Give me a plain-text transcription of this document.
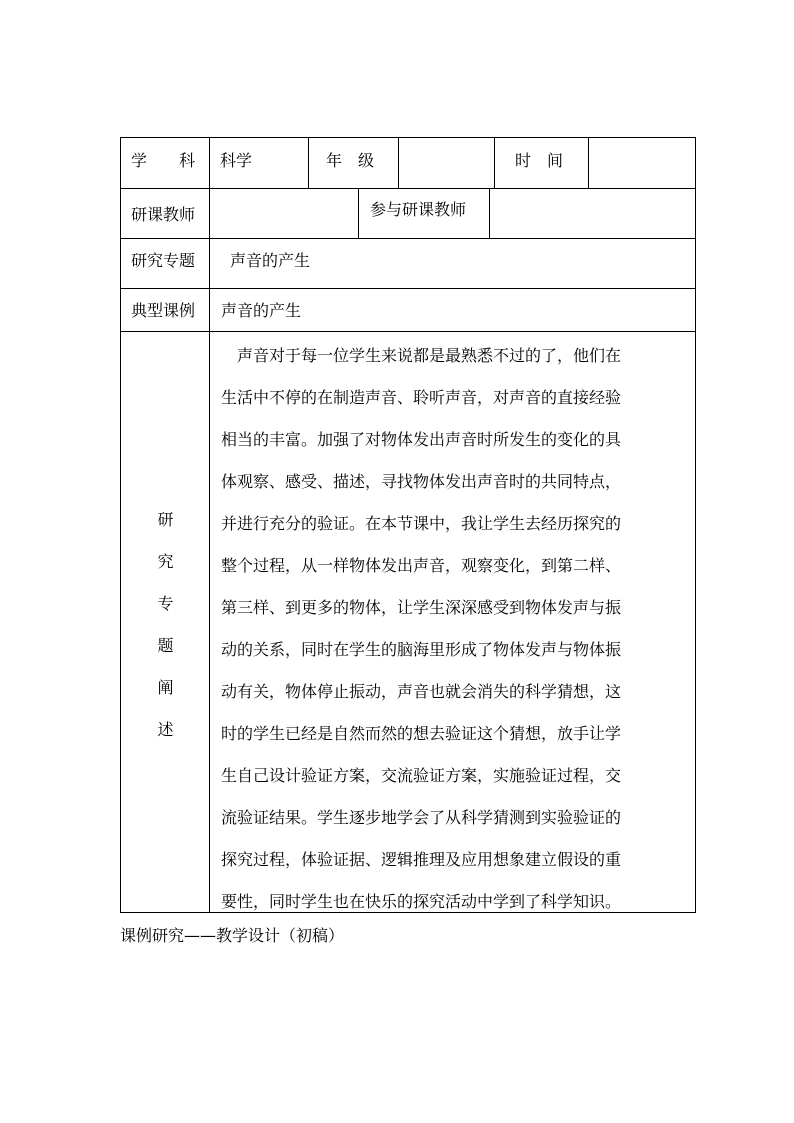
学　　科 科学	年　级	时　间
研课教师	参与研课教师
研究专题 声音的产生
典型课例 声音的产生
研
究
专
题
阐
述
　声音对于每一位学生来说都是最熟悉不过的了，他们在
生活中不停的在制造声音、聆听声音，对声音的直接经验
相当的丰富。加强了对物体发出声音时所发生的变化的具
体观察、感受、描述，寻找物体发出声音时的共同特点，
并进行充分的验证。在本节课中，我让学生去经历探究的
整个过程，从一样物体发出声音，观察变化，到第二样、
第三样、到更多的物体，让学生深深感受到物体发声与振
动的关系，同时在学生的脑海里形成了物体发声与物体振
动有关，物体停止振动，声音也就会消失的科学猜想，这
时的学生已经是自然而然的想去验证这个猜想，放手让学
生自己设计验证方案，交流验证方案，实施验证过程，交
流验证结果。学生逐步地学会了从科学猜测到实验验证的
探究过程，体验证据、逻辑推理及应用想象建立假设的重
要性，同时学生也在快乐的探究活动中学到了科学知识。
课例研究——教学设计（初稿）
